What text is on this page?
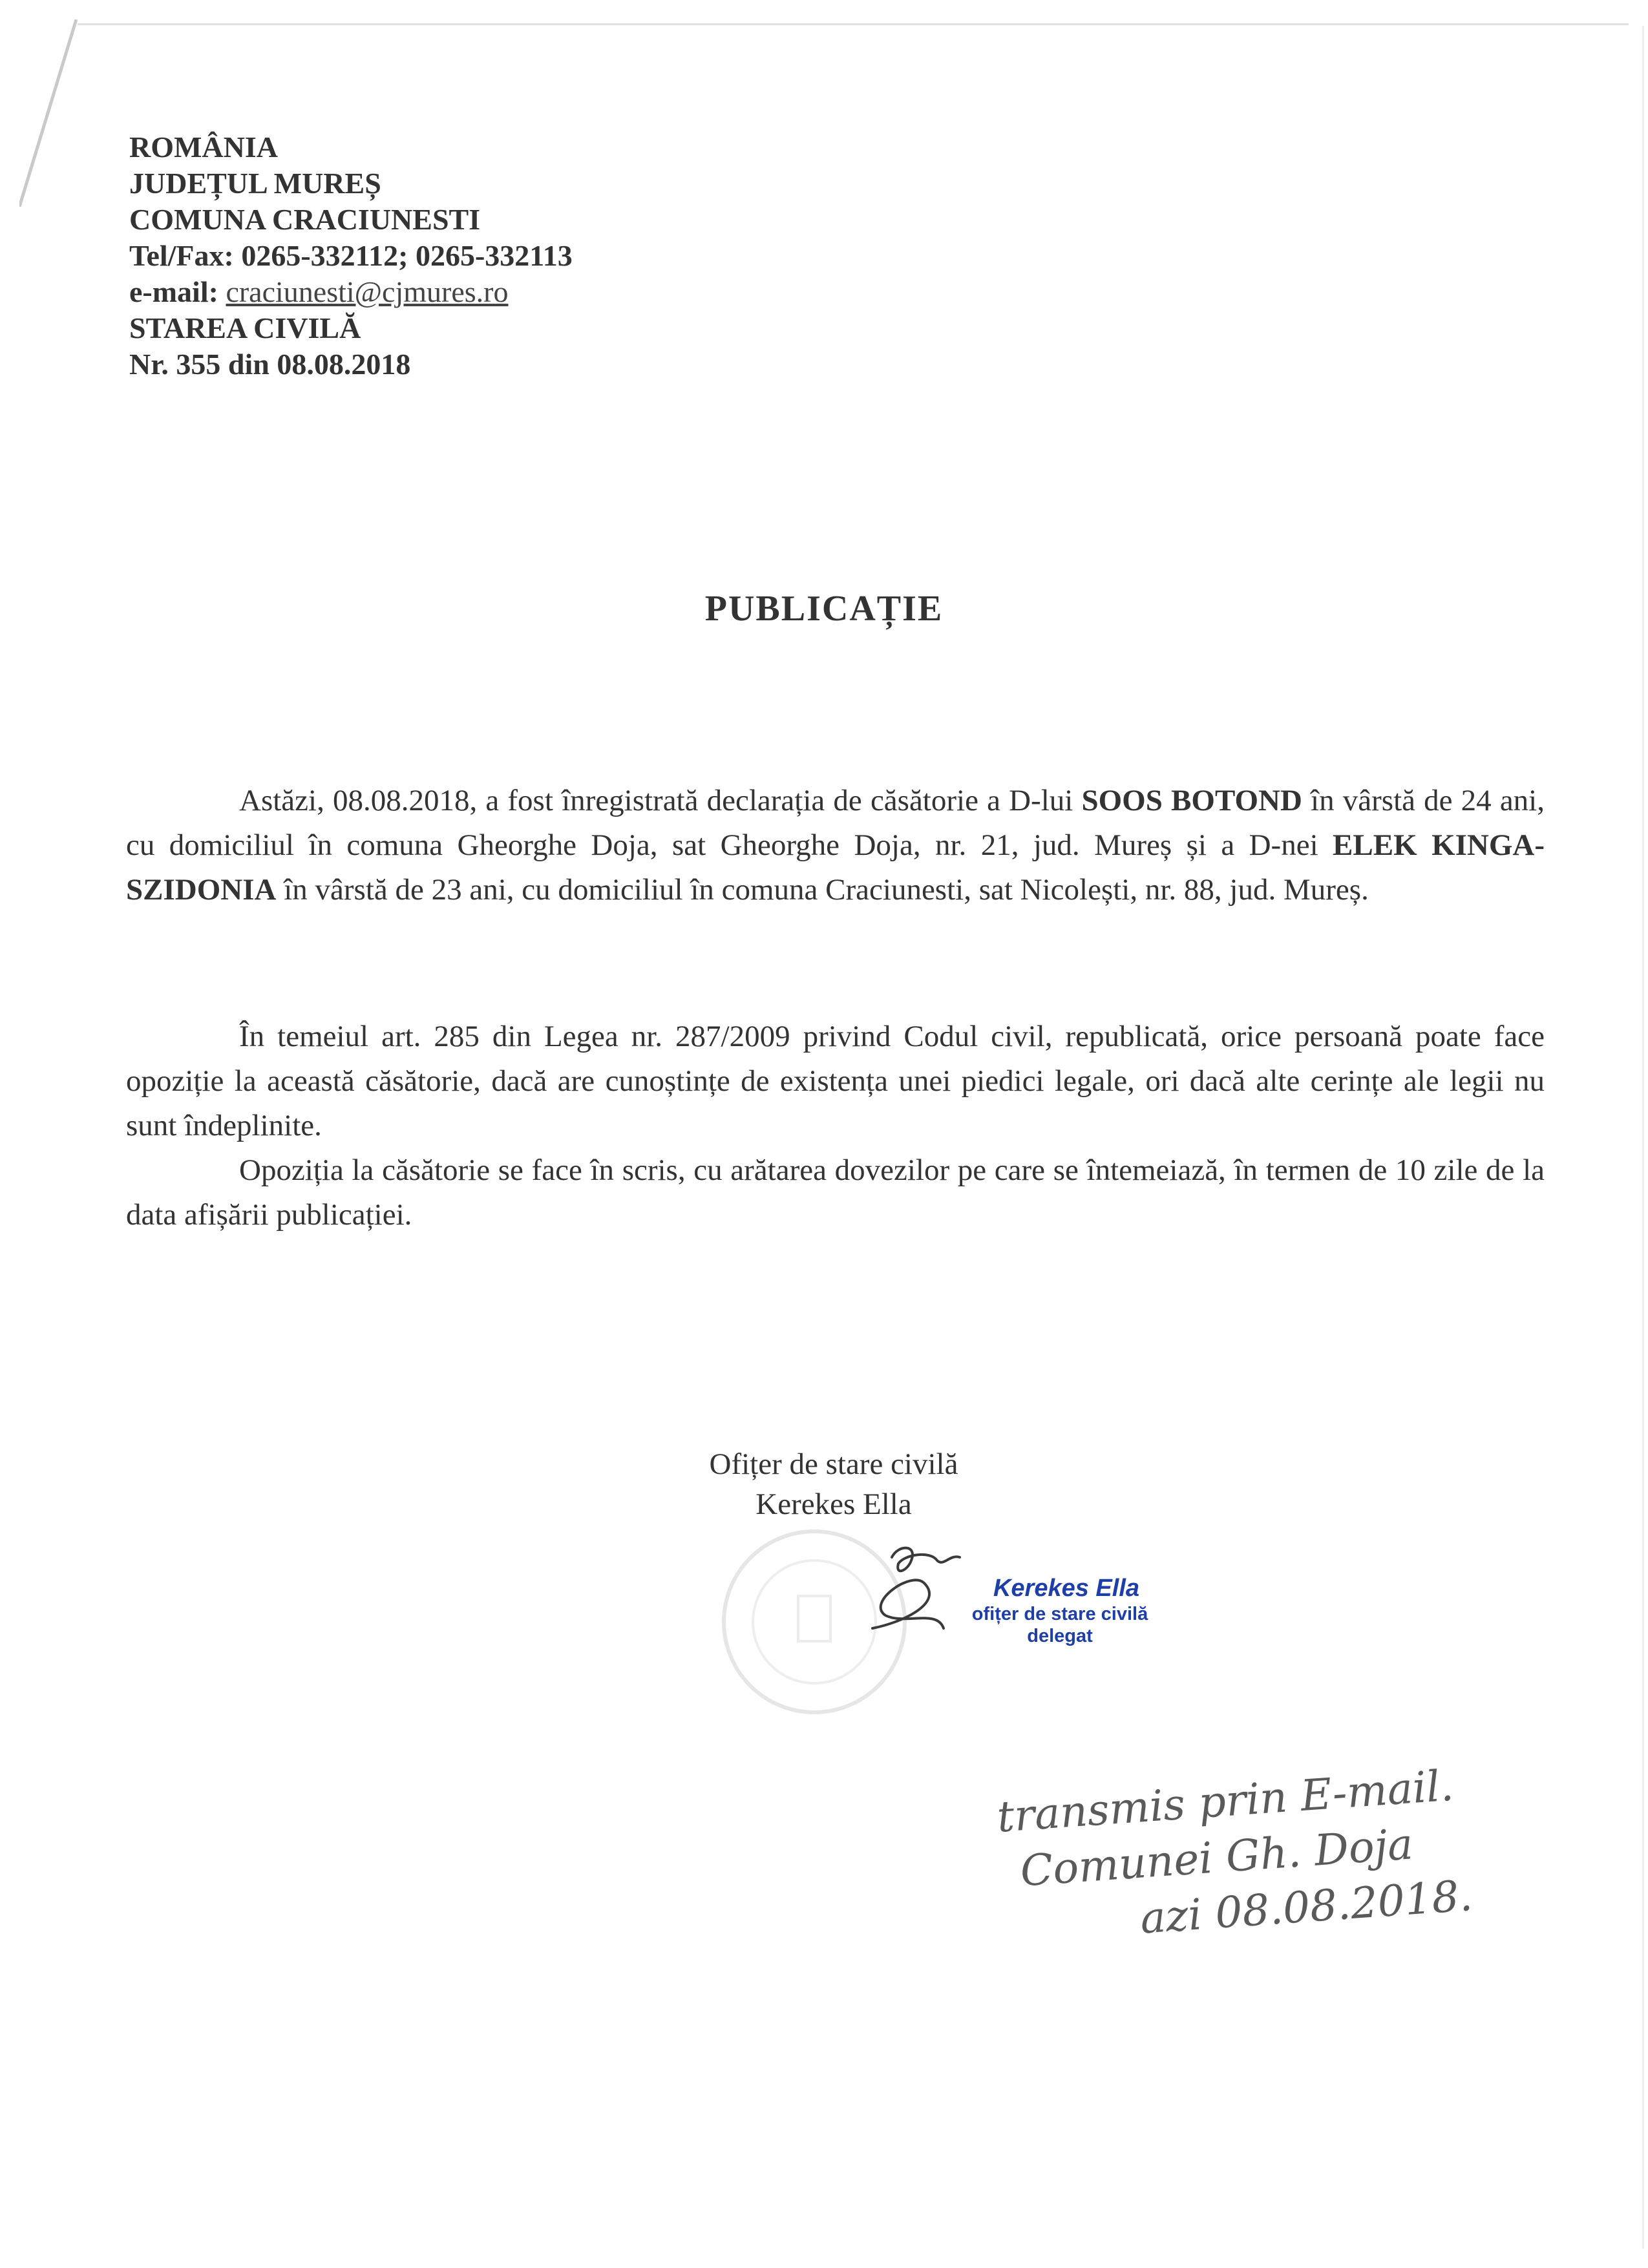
ROMÂNIA
JUDEȚUL MUREȘ
COMUNA CRACIUNESTI
Tel/Fax: 0265-332112; 0265-332113
e-mail: craciunesti@cjmures.ro
STAREA CIVILĂ
Nr. 355 din 08.08.2018
PUBLICAȚIE

Astăzi, 08.08.2018, a fost înregistrată declarația de căsătorie a D-lui SOOS BOTOND în vârstă de 24 ani, cu domiciliul în comuna Gheorghe Doja, sat Gheorghe Doja, nr. 21, jud. Mureș și a D-nei ELEK KINGA-SZIDONIA în vârstă de 23 ani, cu domiciliul în comuna Craciunesti, sat Nicolești, nr. 88, jud. Mureș.

În temeiul art. 285 din Legea nr. 287/2009 privind Codul civil, republicată, orice persoană poate face opoziție la această căsătorie, dacă are cunoștințe de existența unei piedici legale, ori dacă alte cerințe ale legii nu sunt îndeplinite.

Opoziția la căsătorie se face în scris, cu arătarea dovezilor pe care se întemeiază, în termen de 10 zile de la data afișării publicației.

Ofițer de stare civilă
Kerekes Ella
Kerekes Ella
ofițer de stare civilă
delegat
transmis prin E-mail.
Comunei Gh. Doja
azi 08.08.2018.
